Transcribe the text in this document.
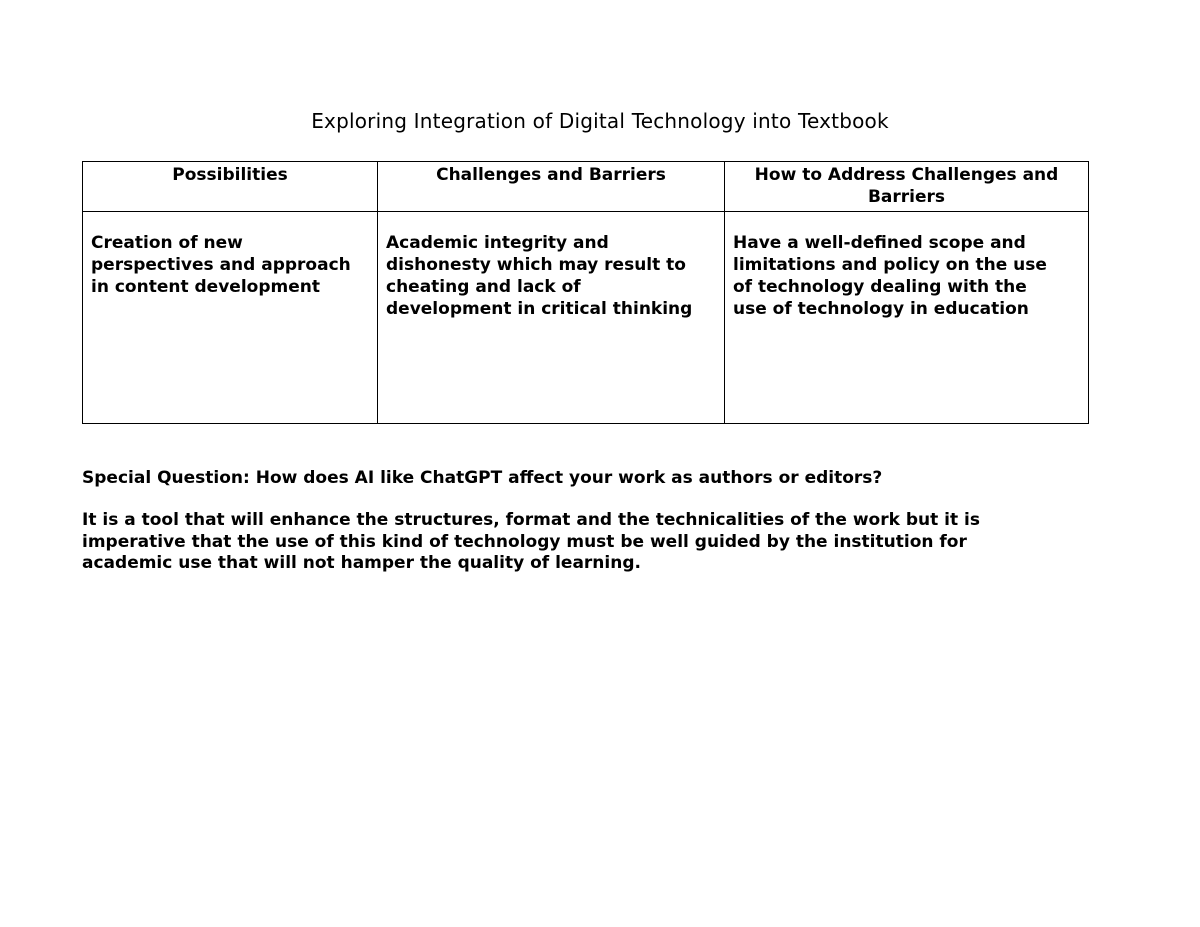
Exploring Integration of Digital Technology into Textbook
Possibilities	Challenges and Barriers	How to Address Challenges and
Barriers

Creation of new
perspectives and approach
in content development	Academic integrity and
dishonesty which may result to
cheating and lack of
development in critical thinking	Have a well-defined scope and
limitations and policy on the use
of technology dealing with the
use of technology in education

Special Question: How does AI like ChatGPT affect your work as authors or editors?

It is a tool that will enhance the structures, format and the technicalities of the work but it is
imperative that the use of this kind of technology must be well guided by the institution for
academic use that will not hamper the quality of learning.
